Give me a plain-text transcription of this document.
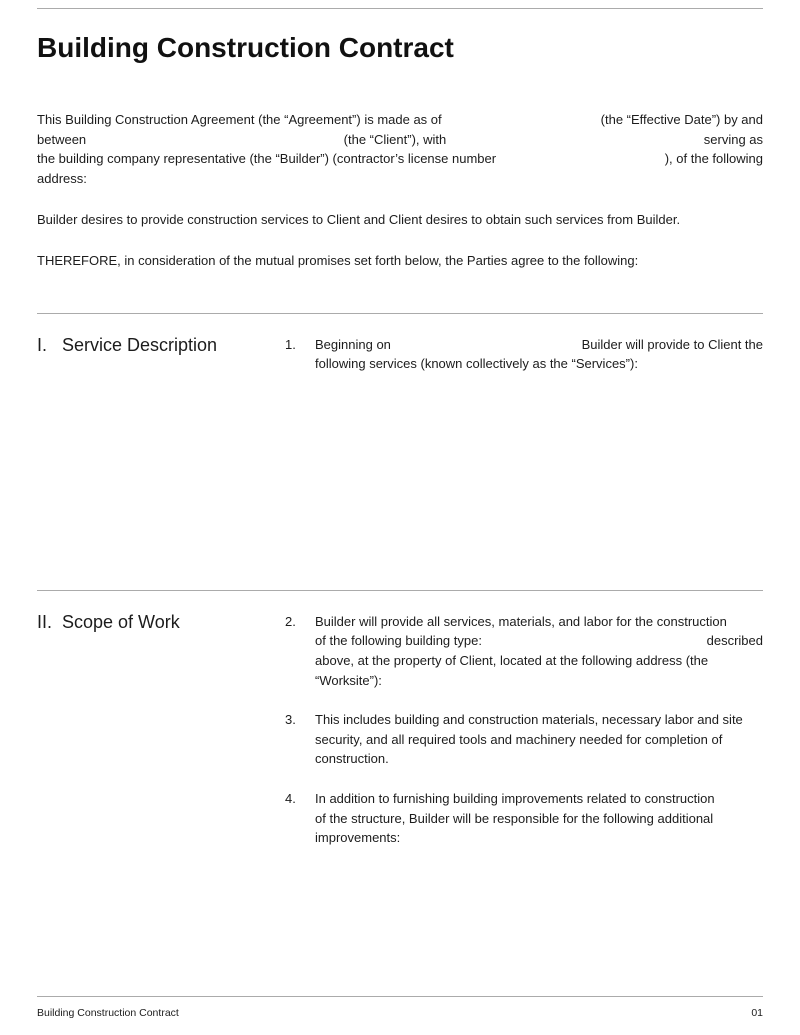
Building Construction Contract
This Building Construction Agreement (the “Agreement”) is made as of	(the “Effective Date”) by and
between	(the “Client”), with	serving as
the building company representative (the “Builder”) (contractor’s license number	), of the following
address:
Builder desires to provide construction services to Client and Client desires to obtain such services from Builder.
THEREFORE, in consideration of the mutual promises set forth below, the Parties agree to the following:
I. Service Description	1.	Beginning on	Builder will provide to Client the
following services (known collectively as the “Services”):
II. Scope of Work	2.	Builder will provide all services, materials, and labor for the construction
of the following building type:	described
above, at the property of Client, located at the following address (the
“Worksite”):
3.	This includes building and construction materials, necessary labor and site
security, and all required tools and machinery needed for completion of
construction.
4.	In addition to furnishing building improvements related to construction
of the structure, Builder will be responsible for the following additional
improvements:
Building Construction Contract	01
